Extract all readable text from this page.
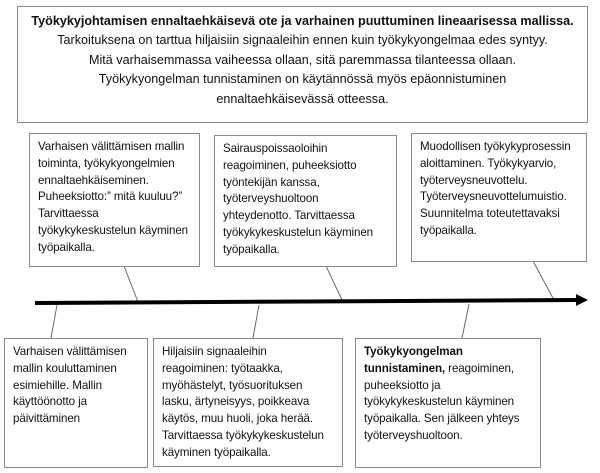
Työkykyjohtamisen ennaltaehkäisevä ote ja varhainen puuttuminen lineaarisessa mallissa.
Tarkoituksena on tarttua hiljaisiin signaaleihin ennen kuin työkykyongelmaa edes syntyy.
Mitä varhaisemmassa vaiheessa ollaan, sitä paremmassa tilanteessa ollaan.
Työkykyongelman tunnistaminen on käytännössä myös epäonnistuminen
ennaltaehkäisevässä otteessa.
Varhaisen välittämisen mallin
toiminta, työkykyongelmien
ennaltaehkäiseminen.
Puheeksiotto:” mitä kuuluu?”
Tarvittaessa
työkykykeskustelun käyminen
työpaikalla.
Sairauspoissaoloihin
reagoiminen, puheeksiotto
työntekijän kanssa,
työterveyshuoltoon
yhteydenotto. Tarvittaessa
työkykykeskustelun käyminen
työpaikalla.
Muodollisen työkykyprosessin
aloittaminen. Työkykyarvio,
työterveysneuvottelu.
Työterveysneuvottelumuistio.
Suunnitelma toteutettavaksi
työpaikalla.
Varhaisen välittämisen
mallin kouluttaminen
esimiehille. Mallin
käyttöönotto ja
päivittäminen
Hiljaisiin signaaleihin
reagoiminen: työtaakka,
myöhästelyt, työsuorituksen
lasku, ärtyneisyys, poikkeava
käytös, muu huoli, joka herää.
Tarvittaessa työkykykeskustelun
käyminen työpaikalla.
Työkykyongelman
tunnistaminen, reagoiminen,
puheeksiotto ja
työkykykeskustelun käyminen
työpaikalla. Sen jälkeen yhteys
työterveyshuoltoon.
